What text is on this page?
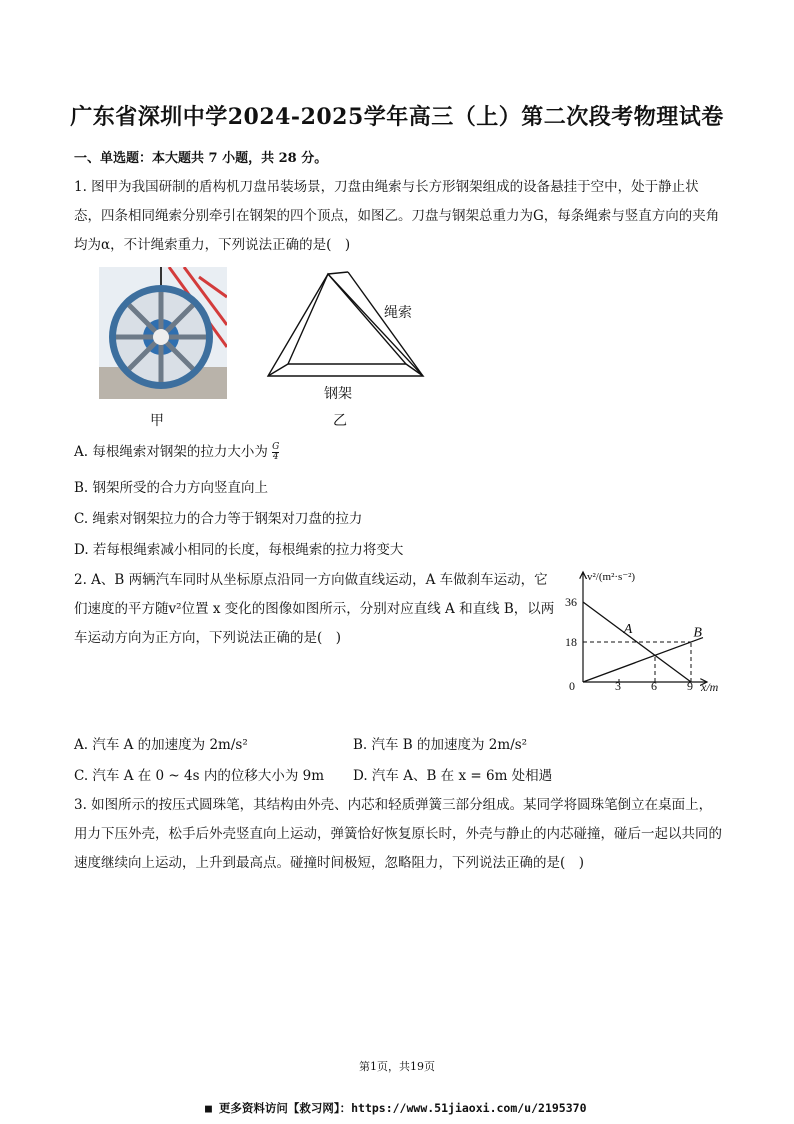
广东省深圳中学2024-2025学年高三（上）第二次段考物理试卷
一、单选题：本大题共 7 小题，共 28 分。
1. 图甲为我国研制的盾构机刀盘吊装场景，刀盘由绳索与长方形钢架组成的设备悬挂于空中，处于静止状态，四条相同绳索分别牵引在钢架的四个顶点，如图乙。刀盘与钢架总重力为G，每条绳索与竖直方向的夹角均为α，不计绳索重力，下列说法正确的是(　)
甲
绳索
钢架
乙
A. 每根绳索对钢架的拉力大小为 $\frac{G}{4}$
B. 钢架所受的合力方向竖直向上
C. 绳索对钢架拉力的合力等于钢架对刀盘的拉力
D. 若每根绳索减小相同的长度，每根绳索的拉力将变大
2. A、B 两辆汽车同时从坐标原点沿同一方向做直线运动，A 车做刹车运动，它们速度的平方随v²位置 x 变化的图像如图所示，分别对应直线 A 和直线 B，以两车运动方向为正方向，下列说法正确的是(　)
0	3	6	9
18
36
A	B
v²/(m²·s⁻²)
x/m
A. 汽车 A 的加速度为 2m/s²	B. 汽车 B 的加速度为 2m/s²
C. 汽车 A 在 0 ~ 4s 内的位移大小为 9m D. 汽车 A、B 在 x = 6m 处相遇
3. 如图所示的按压式圆珠笔，其结构由外壳、内芯和轻质弹簧三部分组成。某同学将圆珠笔倒立在桌面上，用力下压外壳，松手后外壳竖直向上运动，弹簧恰好恢复原长时，外壳与静止的内芯碰撞，碰后一起以共同的速度继续向上运动，上升到最高点。碰撞时间极短，忽略阻力，下列说法正确的是(　)
第1页，共19页
■ 更多资料访问【救习网】：https://www.51jiaoxi.com/u/2195370
